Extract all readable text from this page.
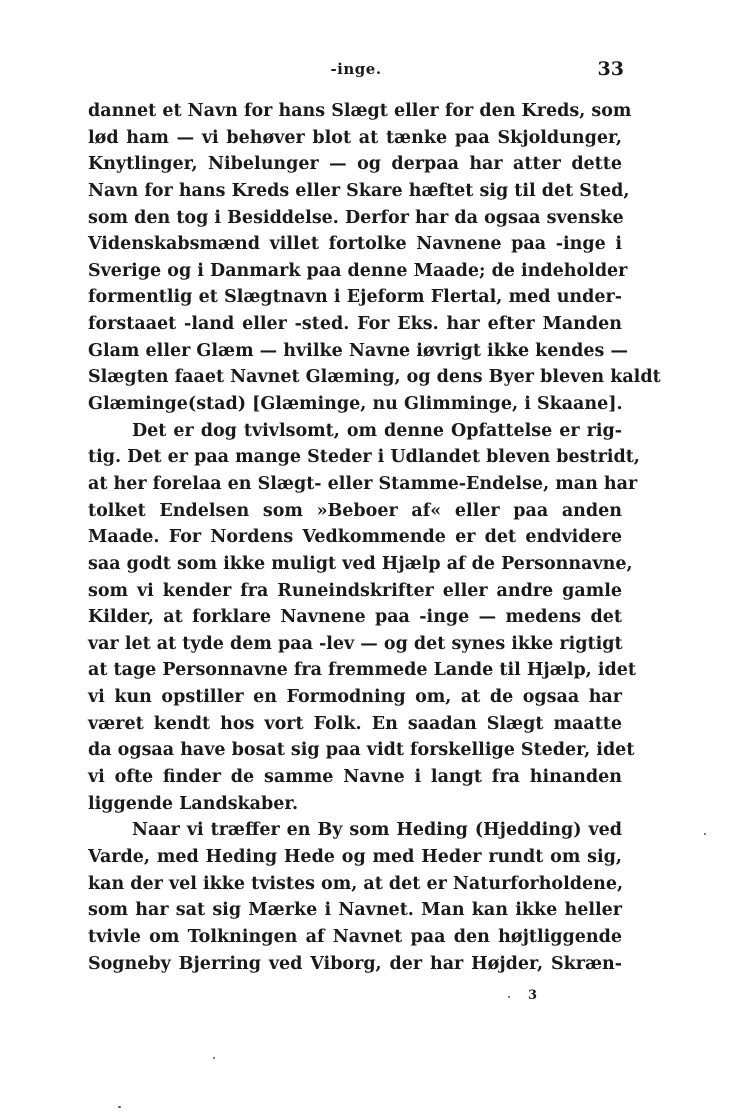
-inge.	33
dannet et Navn for hans Slægt eller for den Kreds, som
lød ham — vi behøver blot at tænke paa Skjoldunger,
Knytlinger, Nibelunger — og derpaa har atter dette
Navn for hans Kreds eller Skare hæftet sig til det Sted,
som den tog i Besiddelse. Derfor har da ogsaa svenske
Videnskabsmænd villet fortolke Navnene paa -inge i
Sverige og i Danmark paa denne Maade; de indeholder
formentlig et Slægtnavn i Ejeform Flertal, med under-
forstaaet -land eller -sted. For Eks. har efter Manden
Glam eller Glæm — hvilke Navne iøvrigt ikke kendes —
Slægten faaet Navnet Glæming, og dens Byer bleven kaldt
Glæminge(stad) [Glæminge, nu Glimminge, i Skaane].
Det er dog tvivlsomt, om denne Opfattelse er rig-
tig. Det er paa mange Steder i Udlandet bleven bestridt,
at her forelaa en Slægt- eller Stamme-Endelse, man har
tolket Endelsen som »Beboer af« eller paa anden
Maade. For Nordens Vedkommende er det endvidere
saa godt som ikke muligt ved Hjælp af de Personnavne,
som vi kender fra Runeindskrifter eller andre gamle
Kilder, at forklare Navnene paa -inge — medens det
var let at tyde dem paa -lev — og det synes ikke rigtigt
at tage Personnavne fra fremmede Lande til Hjælp, idet
vi kun opstiller en Formodning om, at de ogsaa har
været kendt hos vort Folk. En saadan Slægt maatte
da ogsaa have bosat sig paa vidt forskellige Steder, idet
vi ofte finder de samme Navne i langt fra hinanden
liggende Landskaber.
Naar vi træffer en By som Heding (Hjedding) ved
Varde, med Heding Hede og med Heder rundt om sig,
kan der vel ikke tvistes om, at det er Naturforholdene,
som har sat sig Mærke i Navnet. Man kan ikke heller
tvivle om Tolkningen af Navnet paa den højtliggende
Sogneby Bjerring ved Viborg, der har Højder, Skræn-
3
